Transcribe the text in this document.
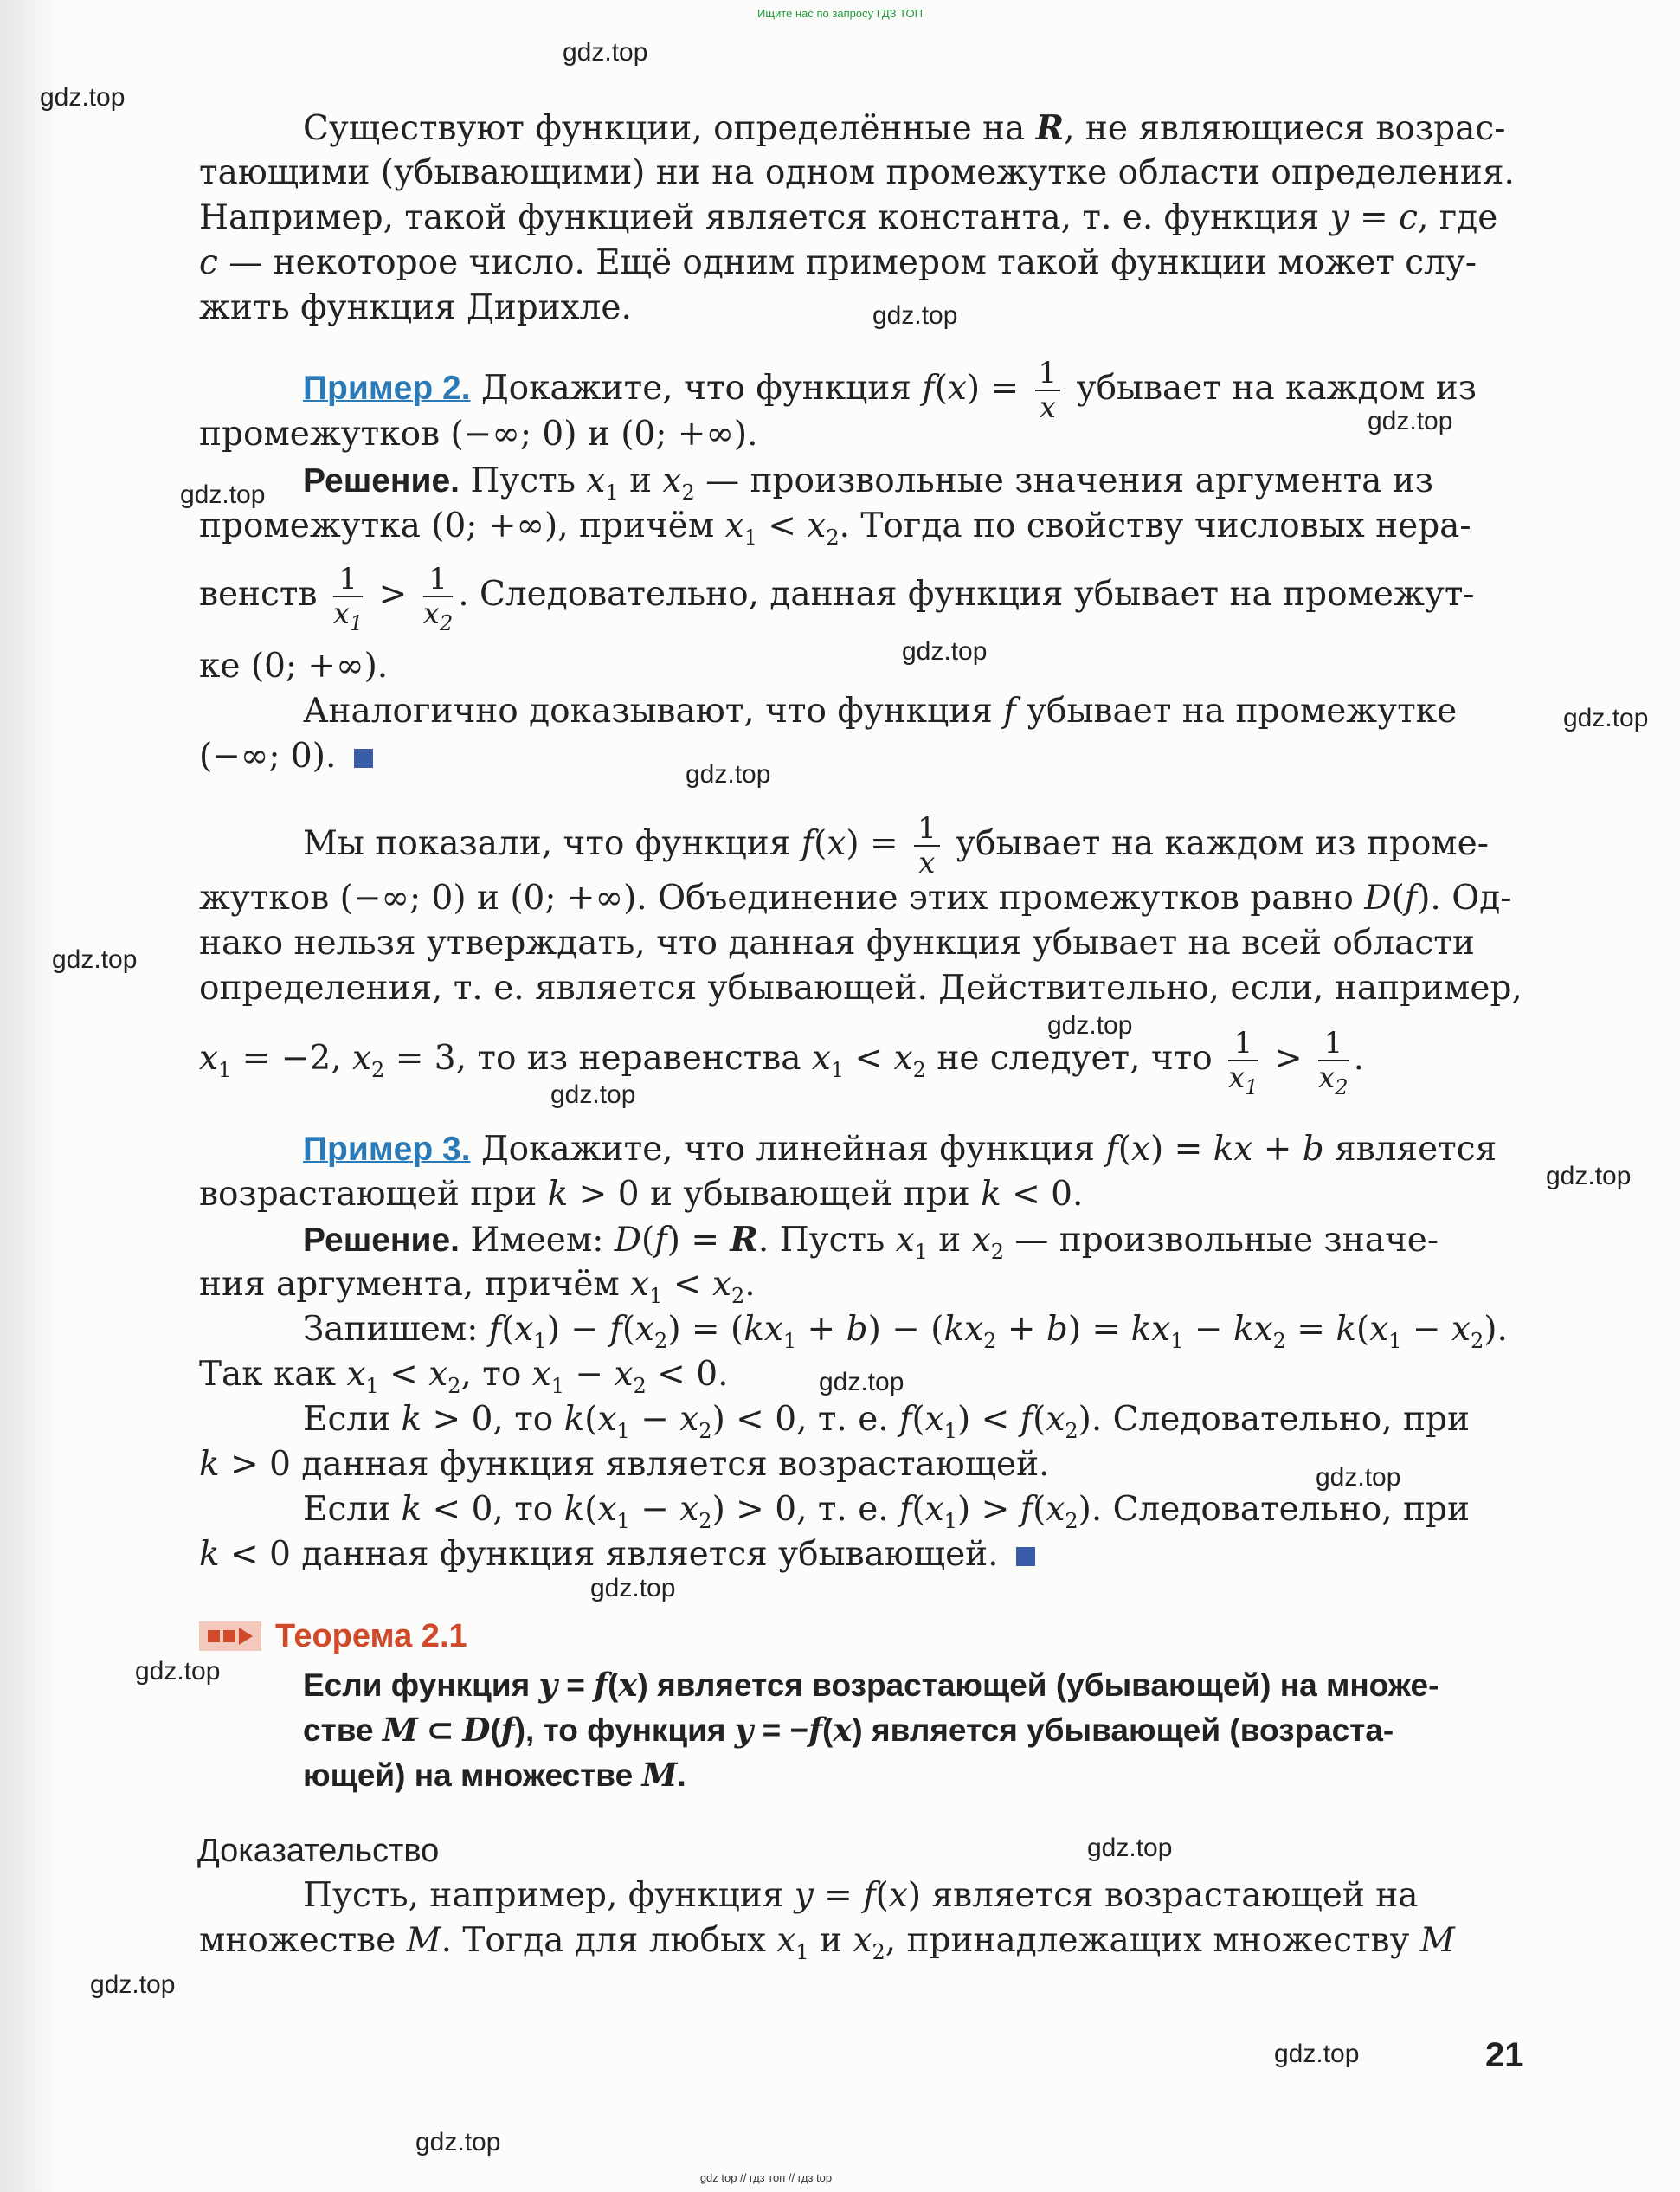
Ищите нас по запросу ГДЗ ТОП
gdz.top
gdz.top
gdz.top
gdz.top
gdz.top
gdz.top
gdz.top
gdz.top
gdz.top
gdz.top
gdz.top
gdz.top
gdz.top
gdz.top
gdz.top
gdz.top
gdz.top
gdz.top
gdz.top
gdz.top
Существуют функции, определённые на R, не являющиеся возрас-
тающими (убывающими) ни на одном промежутке области определения.
Например, такой функцией является константа, т. е. функция y = c, где
c — некоторое число. Ещё одним примером такой функции может слу-
жить функция Дирихле.
Пример 2. Докажите, что функция $f(x) = \frac{1}{x}$ убывает на каждом из
промежутков (−∞; 0) и (0; +∞).
Решение. Пусть $x_1$ и $x_2$ — произвольные значения аргумента из
промежутка (0; +∞), причём $x_1 < x_2$. Тогда по свойству числовых нера-
венств $\frac{1}{x_1} > \frac{1}{x_2}$ . Следовательно, данная функция убывает на промежут-
ке (0; +∞).
Аналогично доказывают, что функция f убывает на промежутке
(−∞; 0).
Мы показали, что функция $f(x) = \frac{1}{x}$ убывает на каждом из проме-
жутков (−∞; 0) и (0; +∞). Объединение этих промежутков равно D(f). Од-
нако нельзя утверждать, что данная функция убывает на всей области
определения, т. е. является убывающей. Действительно, если, например,
$x_1 = -2$, $x_2 = 3$, то из неравенства $x_1 < x_2$ не следует, что $\frac{1}{x_1} > \frac{1}{x_2}$ .
Пример 3. Докажите, что линейная функция f(x) = kx + b является
возрастающей при k > 0 и убывающей при k < 0.
Решение. Имеем: D(f) = R. Пусть $x_1$ и $x_2$ — произвольные значе-
ния аргумента, причём $x_1 < x_2$.
Запишем: $f(x_1) - f(x_2) = (kx_1 + b) - (kx_2 + b) = kx_1 - kx_2 = k(x_1 - x_2)$.
Так как $x_1 < x_2$, то $x_1 - x_2 < 0$.
Если k > 0, то $k(x_1 - x_2) < 0$, т. е. $f(x_1) < f(x_2)$. Следовательно, при
k > 0 данная функция является возрастающей.
Если k < 0, то $k(x_1 - x_2) > 0$, т. е. $f(x_1) > f(x_2)$. Следовательно, при
k < 0 данная функция является убывающей.
Теорема 2.1
Если функция y = f(x) является возрастающей (убывающей) на множе-
стве M ⊂ D(f), то функция y = −f(x) является убывающей (возраста-
ющей) на множестве M.
Доказательство
Пусть, например, функция y = f(x) является возрастающей на
множестве M. Тогда для любых $x_1$ и $x_2$, принадлежащих множеству M
21
gdz top // гдз топ // гдз top
